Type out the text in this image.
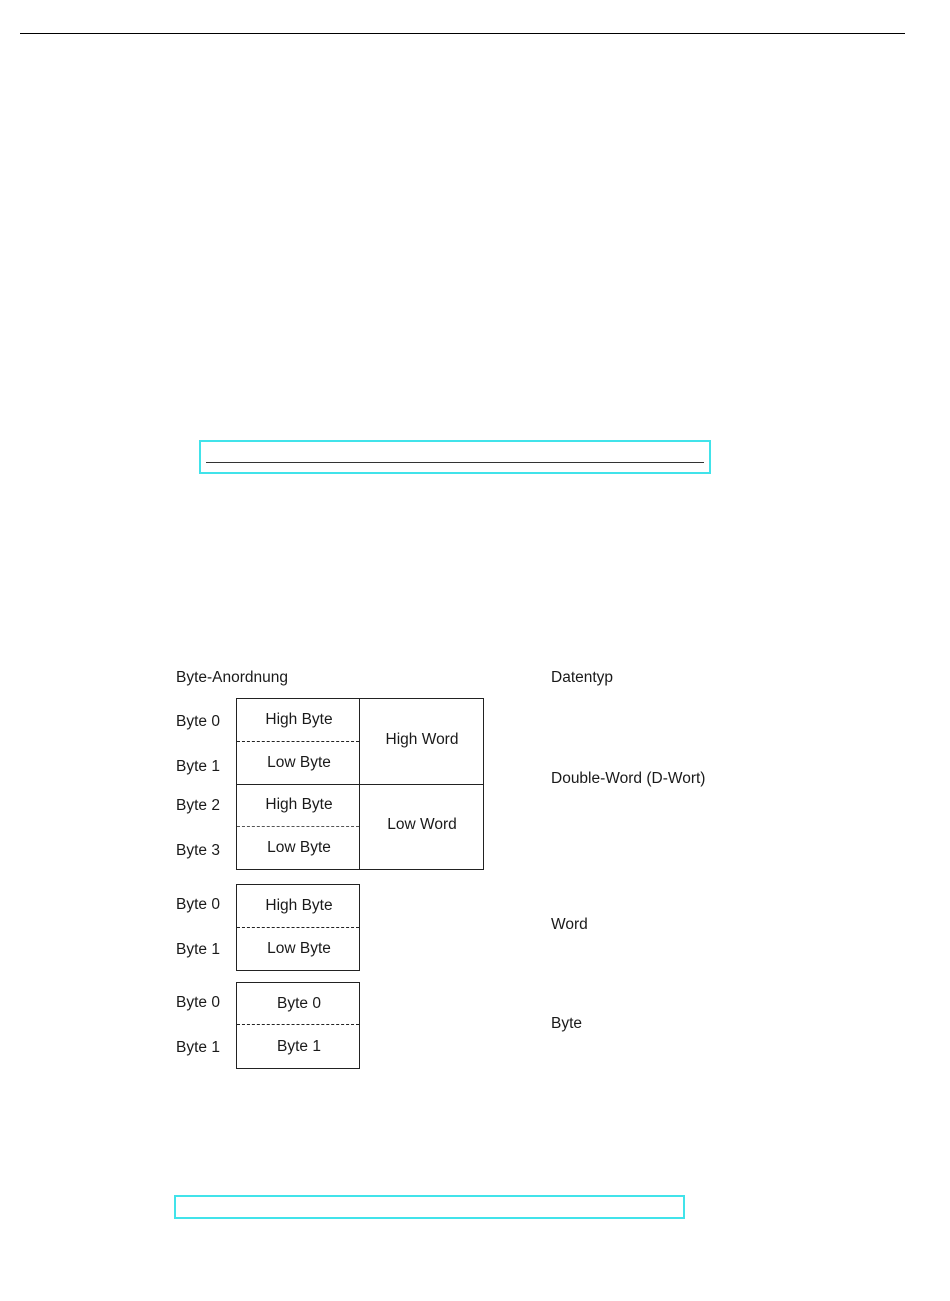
Byte-Anordnung	Datentyp
Byte 0
Byte 1
Byte 2
Byte 3
High Byte
Low Byte
High Byte
Low Byte
High Word
Low Word
Double-Word (D-Wort)
Byte 0
Byte 1
High Byte
Low Byte
Word
Byte 0
Byte 1
Byte 0
Byte 1
Byte
